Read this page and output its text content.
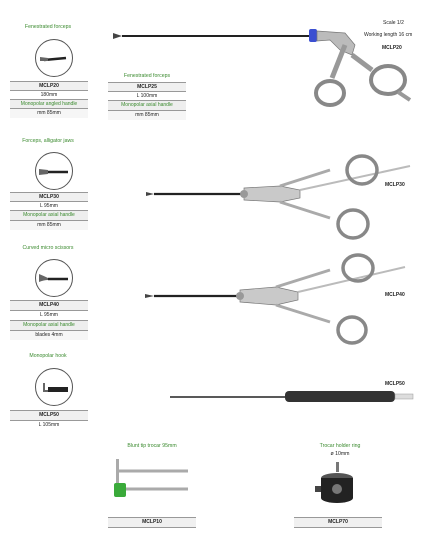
Fenestrated forceps
MCLP20
180mm
Monopolar angled handle
mm 85mm
Forceps, alligator jaws
MCLP30
L 95mm
Monopolar axial handle
mm 85mm
Curved micro scissors
MCLP40
L 95mm
Monopolar axial handle
blades 4mm
Monopolar hook
MCLP50
L 105mm
Fenestrated forceps
MCLP25
L 100mm
Monopolar axial handle
mm 85mm
Scale 1/2
Working length 16 cm
MCLP20
MCLP30
MCLP40
MCLP50
Blunt tip trocar 95mm
MCLP10
Trocar holder ring
ø 10mm
MCLP70
